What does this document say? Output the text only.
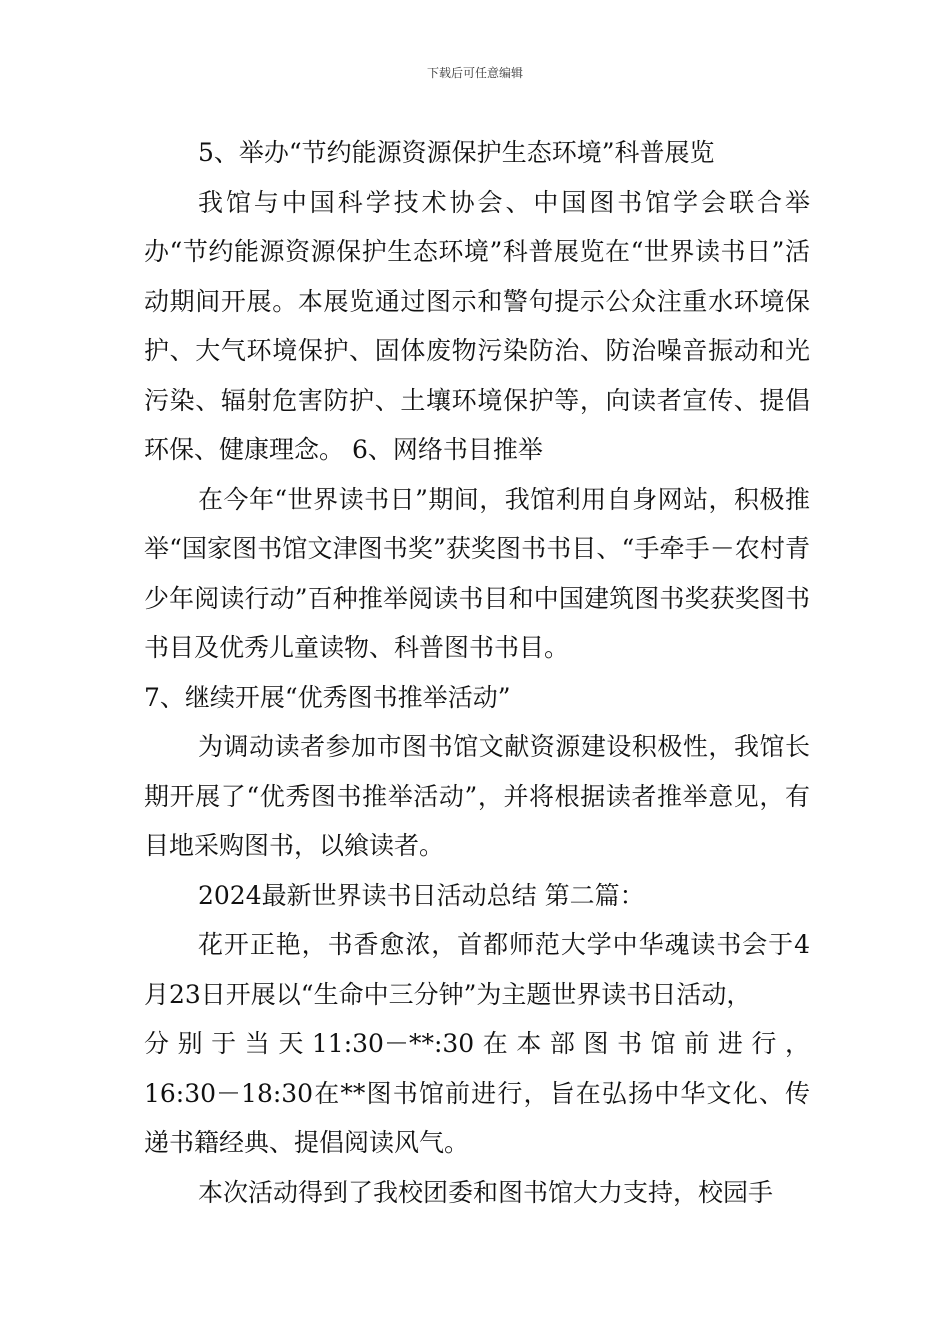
下载后可任意编辑

5、举办“节约能源资源保护生态环境”科普展览

我馆与中国科学技术协会、中国图书馆学会联合举办“节约能源资源保护生态环境”科普展览在“世界读书日”活动期间开展。本展览通过图示和警句提示公众注重水环境保护、大气环境保护、固体废物污染防治、防治噪音振动和光污染、辐射危害防护、土壤环境保护等，向读者宣传、提倡环保、健康理念。 6、网络书目推举

在今年“世界读书日”期间，我馆利用自身网站，积极推举“国家图书馆文津图书奖”获奖图书书目、“手牵手－农村青少年阅读行动”百种推举阅读书目和中国建筑图书奖获奖图书书目及优秀儿童读物、科普图书书目。

7、继续开展“优秀图书推举活动”

为调动读者参加市图书馆文献资源建设积极性，我馆长期开展了“优秀图书推举活动”，并将根据读者推举意见，有目地采购图书，以飨读者。

2024最新世界读书日活动总结 第二篇：

花开正艳，书香愈浓，首都师范大学中华魂读书会于4月23日开展以“生命中三分钟”为主题世界读书日活动，

分别于当天11:30－**:30在本部图书馆前进行，

16:30－18:30在**图书馆前进行，旨在弘扬中华文化、传递书籍经典、提倡阅读风气。

本次活动得到了我校团委和图书馆大力支持，校园手
